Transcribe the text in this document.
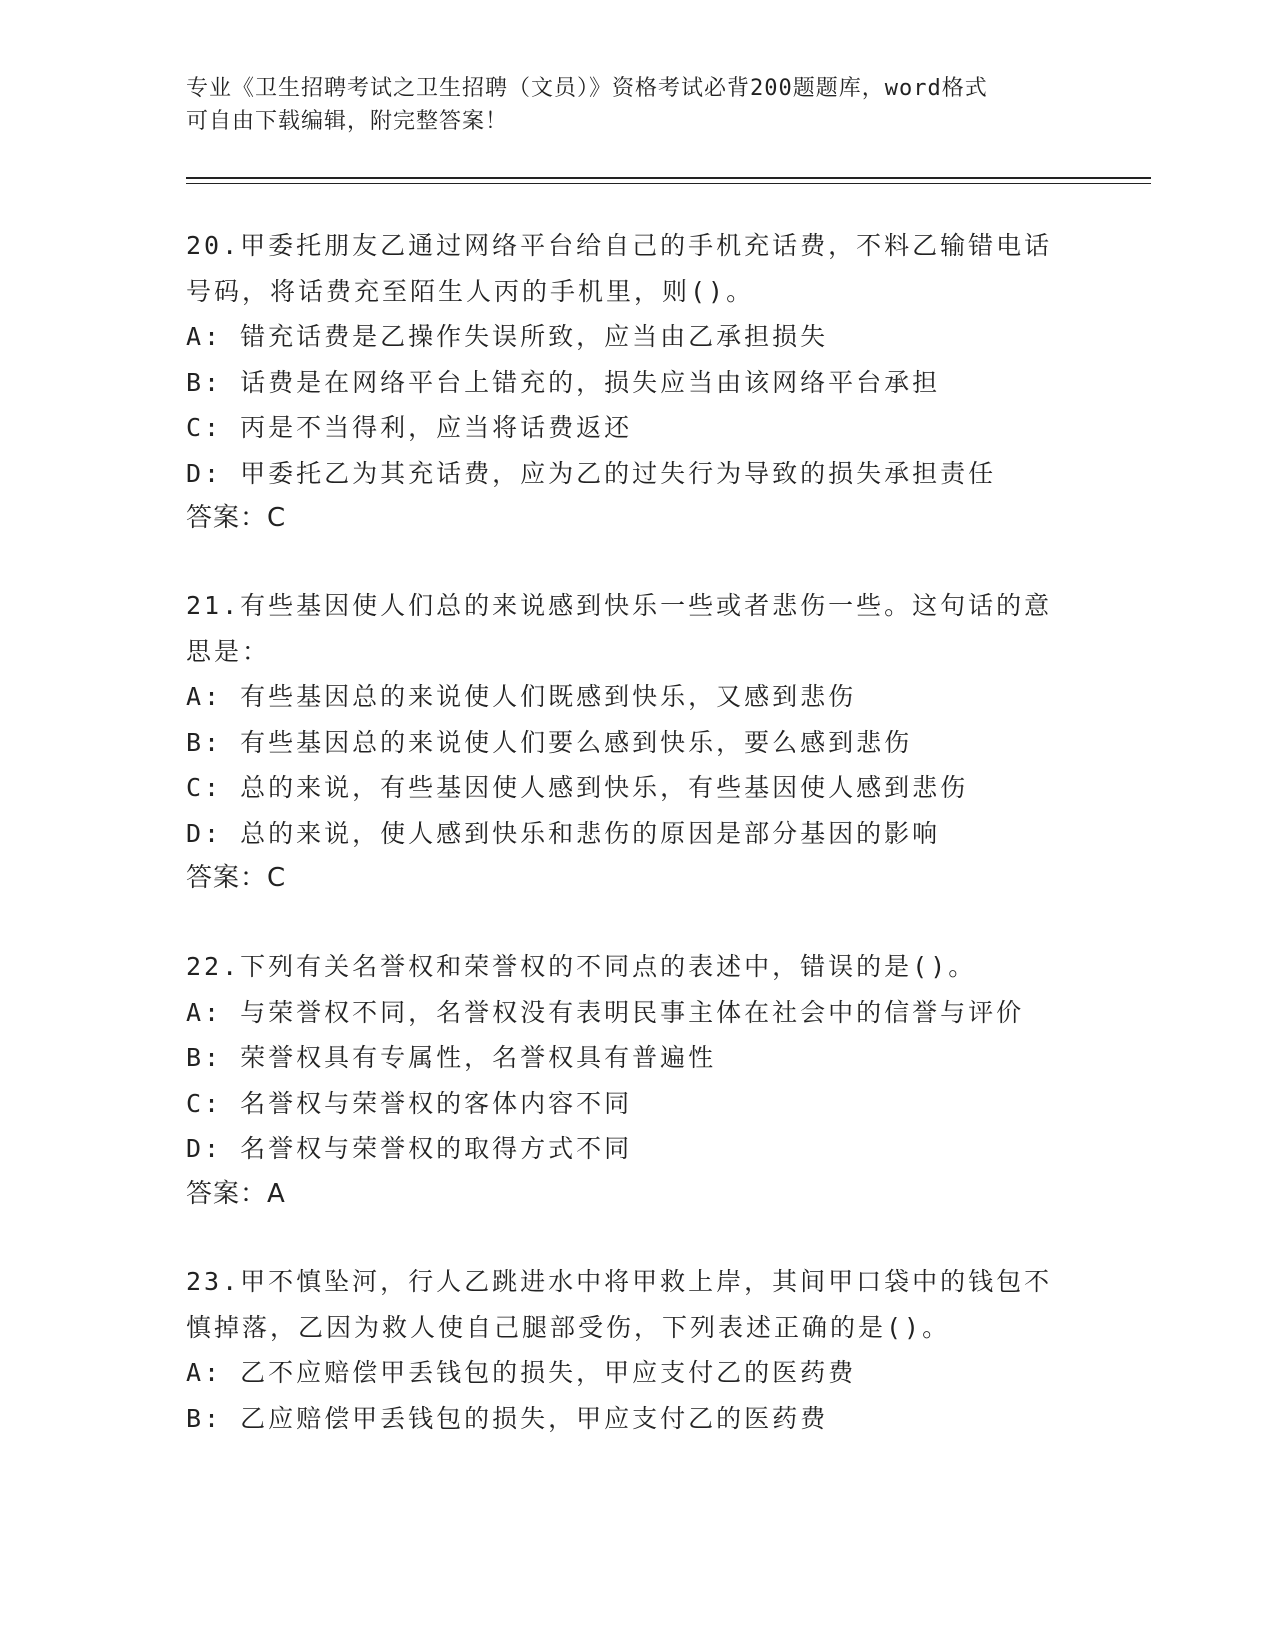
专业《卫生招聘考试之卫生招聘（文员）》资格考试必背200题题库，word格式
可自由下载编辑，附完整答案！
20.甲委托朋友乙通过网络平台给自己的手机充话费，不料乙输错电话
号码，将话费充至陌生人丙的手机里，则()。
A: 错充话费是乙操作失误所致，应当由乙承担损失
B: 话费是在网络平台上错充的，损失应当由该网络平台承担
C: 丙是不当得利，应当将话费返还
D: 甲委托乙为其充话费，应为乙的过失行为导致的损失承担责任
答案：C
21.有些基因使人们总的来说感到快乐一些或者悲伤一些。这句话的意
思是：
A: 有些基因总的来说使人们既感到快乐，又感到悲伤
B: 有些基因总的来说使人们要么感到快乐，要么感到悲伤
C: 总的来说，有些基因使人感到快乐，有些基因使人感到悲伤
D: 总的来说，使人感到快乐和悲伤的原因是部分基因的影响
答案：C
22.下列有关名誉权和荣誉权的不同点的表述中，错误的是()。
A: 与荣誉权不同，名誉权没有表明民事主体在社会中的信誉与评价
B: 荣誉权具有专属性，名誉权具有普遍性
C: 名誉权与荣誉权的客体内容不同
D: 名誉权与荣誉权的取得方式不同
答案：A
23.甲不慎坠河，行人乙跳进水中将甲救上岸，其间甲口袋中的钱包不
慎掉落，乙因为救人使自己腿部受伤，下列表述正确的是()。
A: 乙不应赔偿甲丢钱包的损失，甲应支付乙的医药费
B: 乙应赔偿甲丢钱包的损失，甲应支付乙的医药费
